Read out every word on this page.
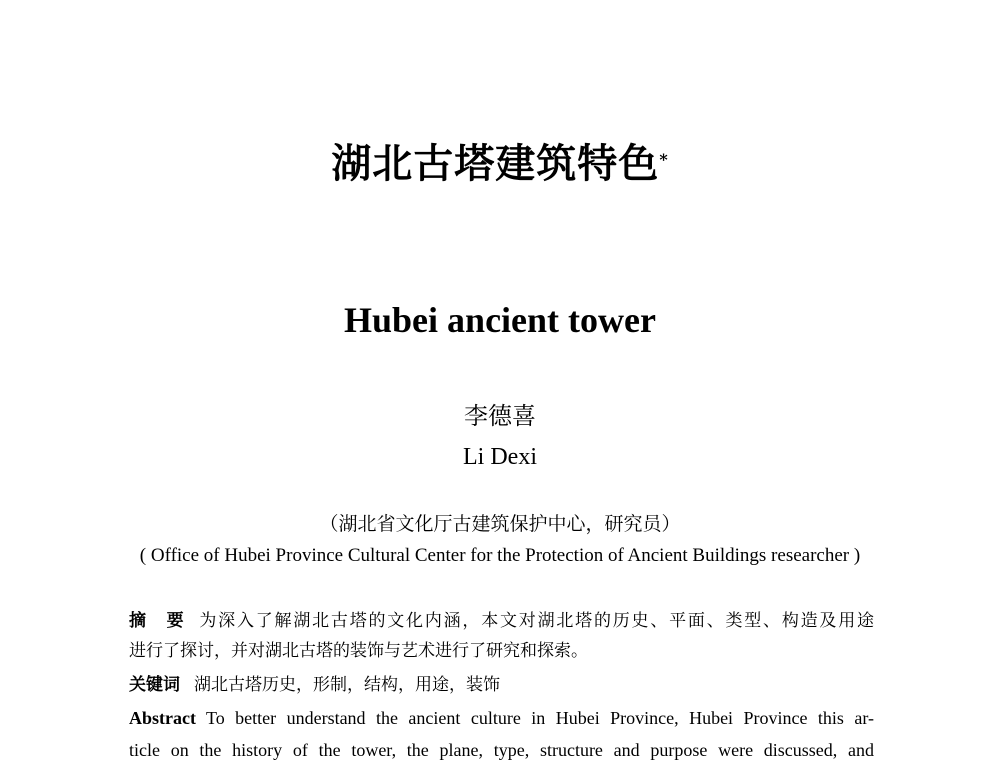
湖北古塔建筑特色*
Hubei ancient tower
李德喜
Li Dexi
（湖北省文化厅古建筑保护中心，研究员）
( Office of Hubei Province Cultural Center for the Protection of Ancient Buildings researcher )
摘　要 为深入了解湖北古塔的文化内涵，本文对湖北塔的历史、平面、类型、构造及用途
进行了探讨，并对湖北古塔的装饰与艺术进行了研究和探索。
关键词 湖北古塔历史，形制，结构，用途，装饰
Abstract To better understand the ancient culture in Hubei Province, Hubei Province this ar-
ticle on the history of the tower, the plane, type, structure and purpose were discussed, and
